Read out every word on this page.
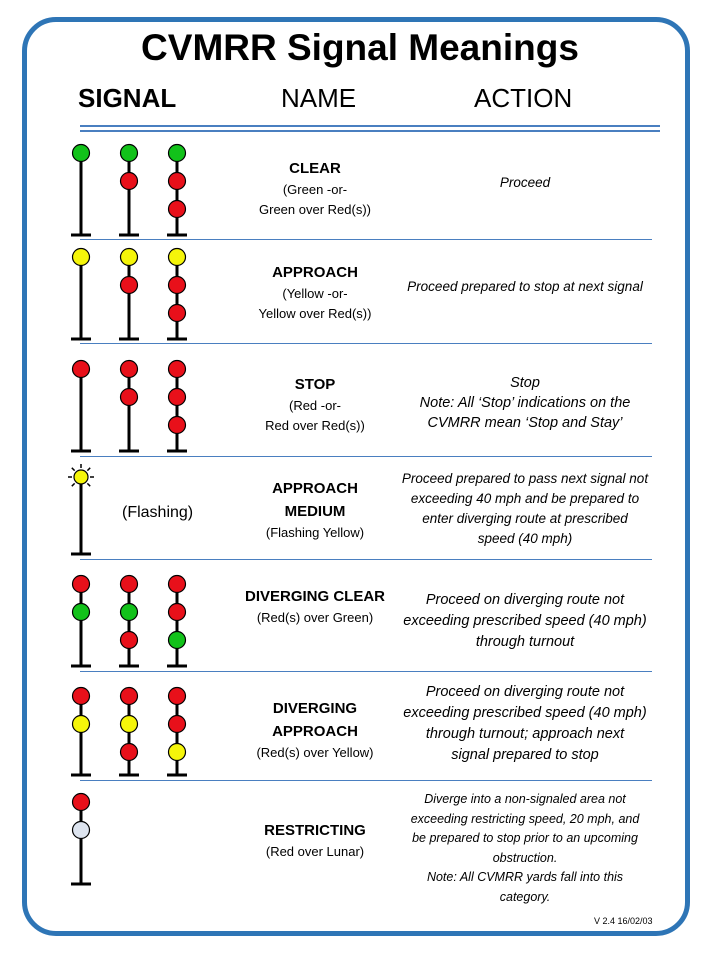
CVMRR Signal Meanings
SIGNAL	NAME	ACTION
CLEAR
(Green -or-
Green over Red(s))
Proceed
APPROACH
(Yellow -or-
Yellow over Red(s))
Proceed prepared to stop at next signal
STOP
(Red -or-
Red over Red(s))
Stop
Note: All ‘Stop’ indications on the
CVMRR mean ‘Stop and Stay’
(Flashing)
APPROACH MEDIUM
(Flashing Yellow)
Proceed prepared to pass next signal not
exceeding 40 mph and be prepared to
enter diverging route at prescribed
speed (40 mph)
DIVERGING CLEAR
(Red(s) over Green)
Proceed on diverging route not
exceeding prescribed speed (40 mph)
through turnout
DIVERGING APPROACH
(Red(s) over Yellow)
Proceed on diverging route not
exceeding prescribed speed (40 mph)
through turnout; approach next
signal prepared to stop
RESTRICTING
(Red over Lunar)
Diverge into a non-signaled area not
exceeding restricting speed, 20 mph, and
be prepared to stop prior to an upcoming
obstruction.
Note: All CVMRR yards fall into this
category.
V 2.4 16/02/03
